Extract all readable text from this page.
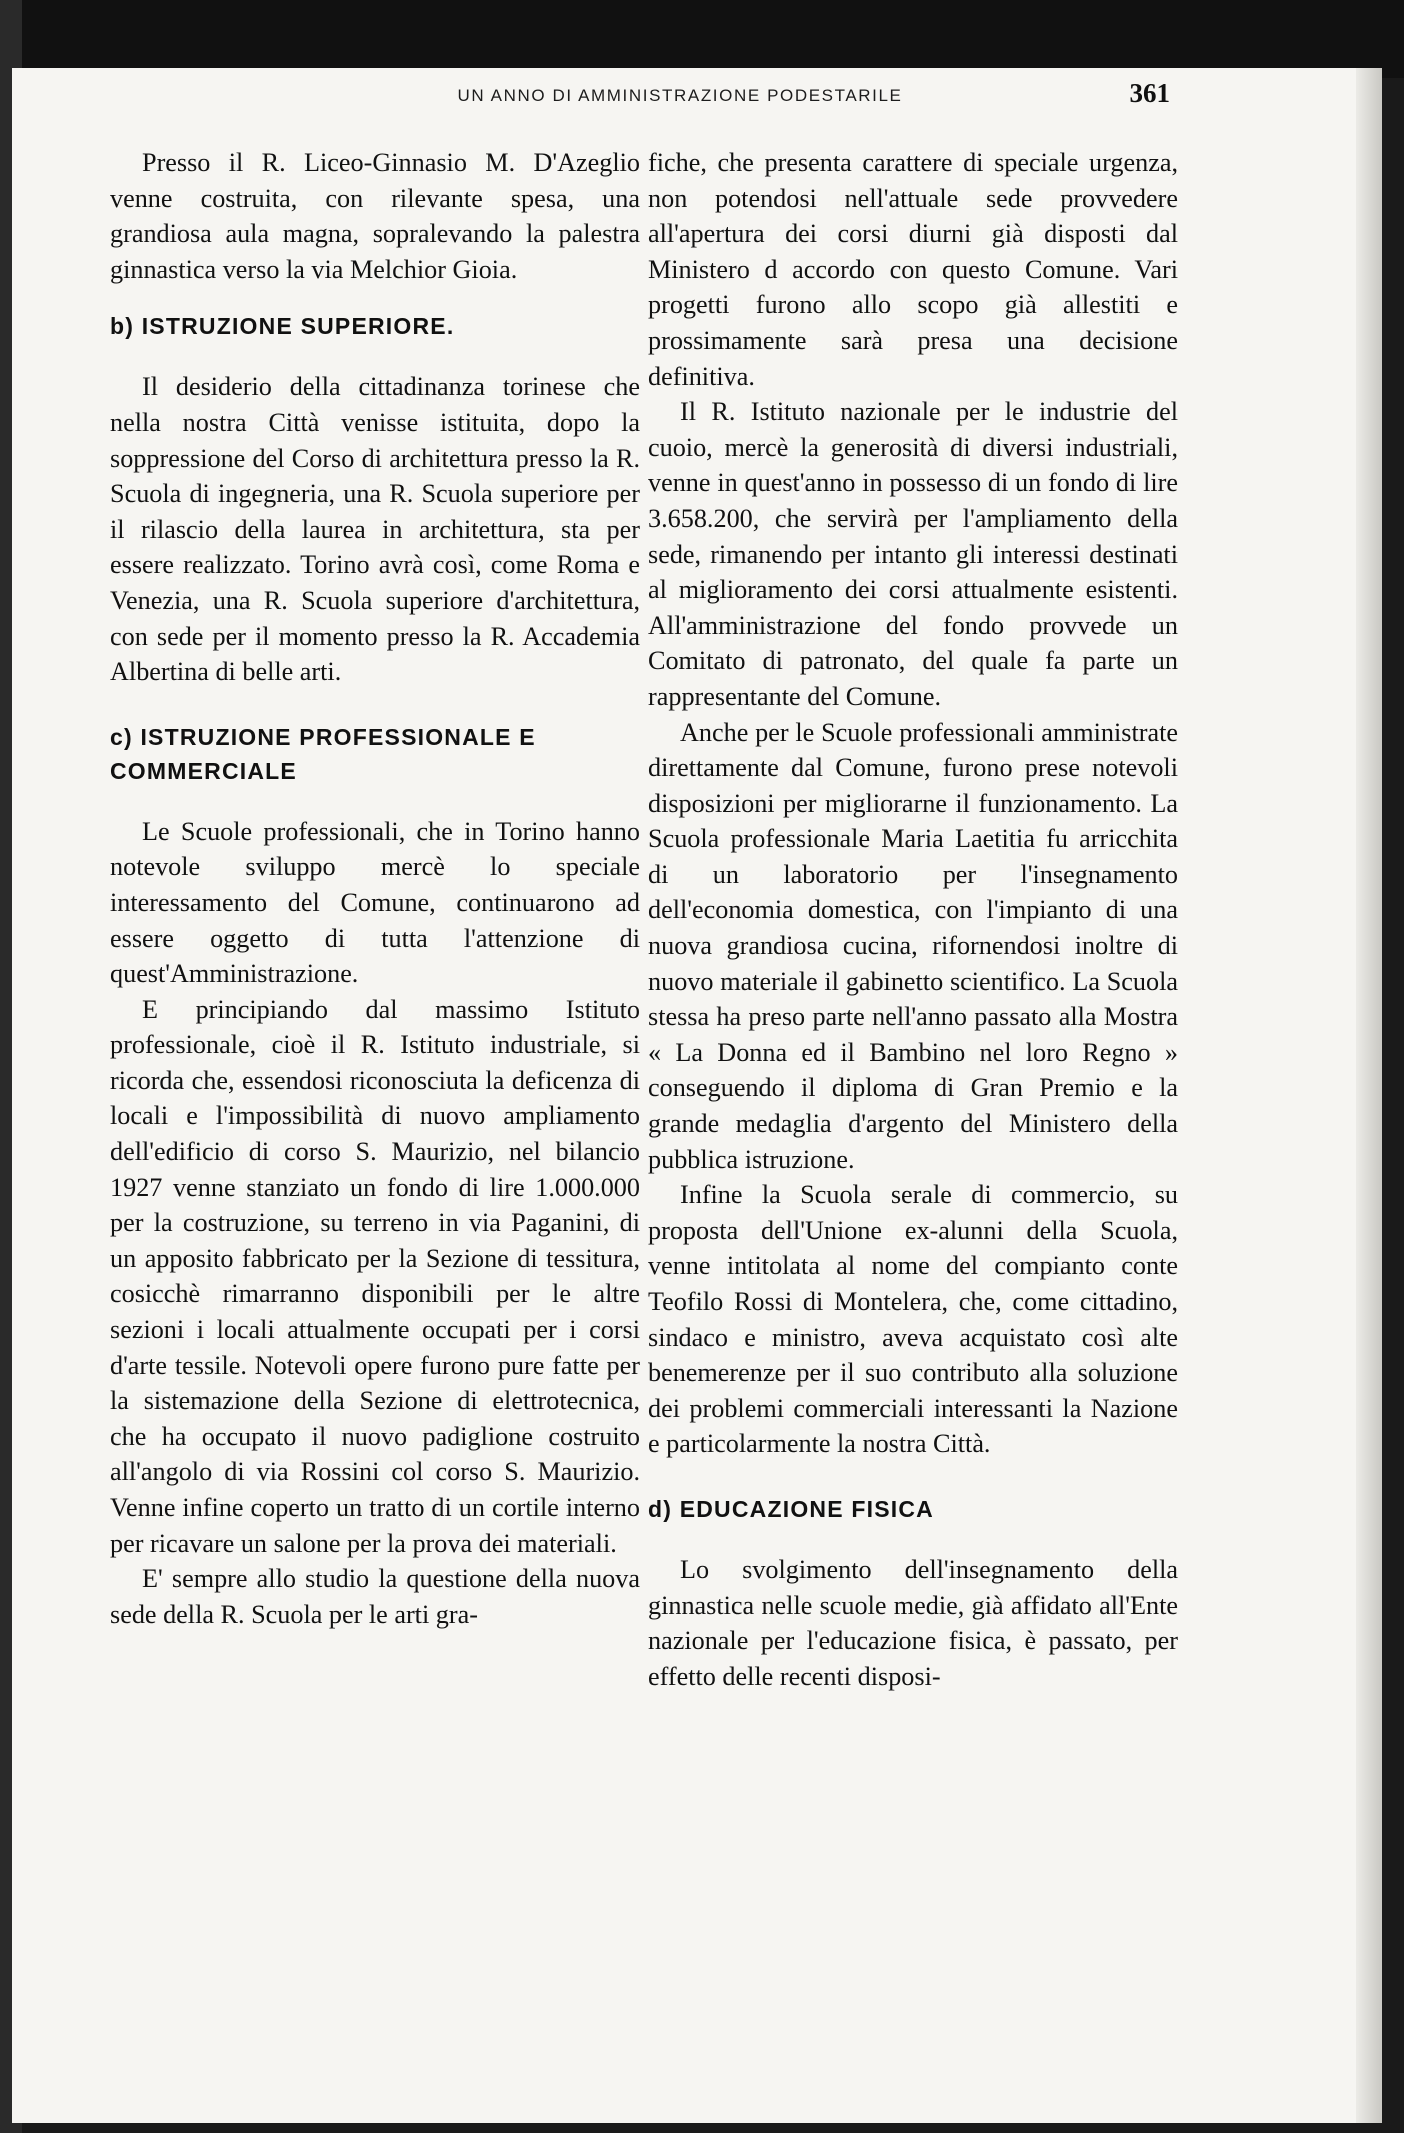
UN ANNO DI AMMINISTRAZIONE PODESTARILE	361

Presso il R. Liceo-Ginnasio M. D'Azeglio venne costruita, con rilevante spesa, una grandiosa aula magna, sopralevando la palestra ginnastica verso la via Melchior Gioia.

b) ISTRUZIONE SUPERIORE.

Il desiderio della cittadinanza torinese che nella nostra Città venisse istituita, dopo la soppressione del Corso di architettura presso la R. Scuola di ingegneria, una R. Scuola superiore per il rilascio della laurea in architettura, sta per essere realizzato. Torino avrà così, come Roma e Venezia, una R. Scuola superiore d'architettura, con sede per il momento presso la R. Accademia Albertina di belle arti.

c) ISTRUZIONE PROFESSIONALE E COMMERCIALE

Le Scuole professionali, che in Torino hanno notevole sviluppo mercè lo speciale interessamento del Comune, continuarono ad essere oggetto di tutta l'attenzione di quest'Amministrazione.

E principiando dal massimo Istituto professionale, cioè il R. Istituto industriale, si ricorda che, essendosi riconosciuta la deficenza di locali e l'impossibilità di nuovo ampliamento dell'edificio di corso S. Maurizio, nel bilancio 1927 venne stanziato un fondo di lire 1.000.000 per la costruzione, su terreno in via Paganini, di un apposito fabbricato per la Sezione di tessitura, cosicchè rimarranno disponibili per le altre sezioni i locali attualmente occupati per i corsi d'arte tessile. Notevoli opere furono pure fatte per la sistemazione della Sezione di elettrotecnica, che ha occupato il nuovo padiglione costruito all'angolo di via Rossini col corso S. Maurizio. Venne infine coperto un tratto di un cortile interno per ricavare un salone per la prova dei materiali.

E' sempre allo studio la questione della nuova sede della R. Scuola per le arti gra-

fiche, che presenta carattere di speciale urgenza, non potendosi nell'attuale sede provvedere all'apertura dei corsi diurni già disposti dal Ministero d accordo con questo Comune. Vari progetti furono allo scopo già allestiti e prossimamente sarà presa una decisione definitiva.

Il R. Istituto nazionale per le industrie del cuoio, mercè la generosità di diversi industriali, venne in quest'anno in possesso di un fondo di lire 3.658.200, che servirà per l'ampliamento della sede, rimanendo per intanto gli interessi destinati al miglioramento dei corsi attualmente esistenti. All'amministrazione del fondo provvede un Comitato di patronato, del quale fa parte un rappresentante del Comune.

Anche per le Scuole professionali amministrate direttamente dal Comune, furono prese notevoli disposizioni per migliorarne il funzionamento. La Scuola professionale Maria Laetitia fu arricchita di un laboratorio per l'insegnamento dell'economia domestica, con l'impianto di una nuova grandiosa cucina, rifornendosi inoltre di nuovo materiale il gabinetto scientifico. La Scuola stessa ha preso parte nell'anno passato alla Mostra « La Donna ed il Bambino nel loro Regno » conseguendo il diploma di Gran Premio e la grande medaglia d'argento del Ministero della pubblica istruzione.

Infine la Scuola serale di commercio, su proposta dell'Unione ex-alunni della Scuola, venne intitolata al nome del compianto conte Teofilo Rossi di Montelera, che, come cittadino, sindaco e ministro, aveva acquistato così alte benemerenze per il suo contributo alla soluzione dei problemi commerciali interessanti la Nazione e particolarmente la nostra Città.

d) EDUCAZIONE FISICA

Lo svolgimento dell'insegnamento della ginnastica nelle scuole medie, già affidato all'Ente nazionale per l'educazione fisica, è passato, per effetto delle recenti disposi-
